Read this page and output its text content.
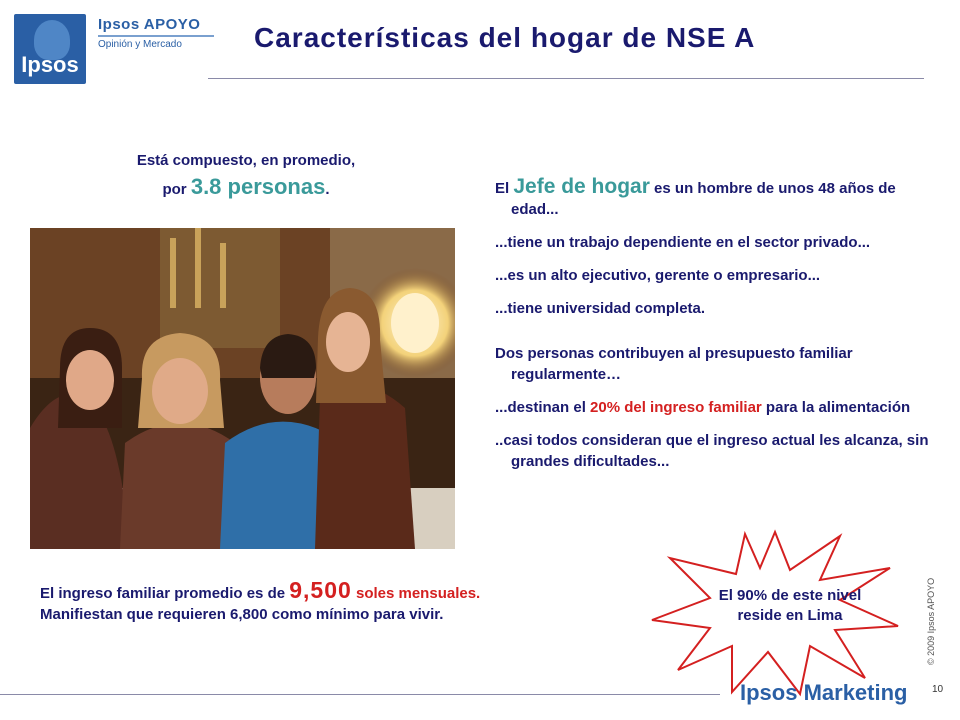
Ipsos
Ipsos APOYO
Opinión y Mercado	Características del hogar de NSE A
Está compuesto, en promedio,
por 3.8 personas.	El Jefe de hogar es un hombre de unos 48 años de edad...
...tiene un trabajo dependiente en el sector privado...
...es un alto ejecutivo, gerente o empresario...
...tiene universidad completa.
Dos personas contribuyen al presupuesto familiar regularmente…
...destinan el 20% del ingreso familiar para la alimentación
..casi todos consideran que el ingreso actual les alcanza, sin grandes dificultades...
El ingreso familiar promedio es de 9,500 soles mensuales.
Manifiestan que requieren 6,800 como mínimo para vivir.
El 90% de este nivel reside en Lima
Ipsos Marketing
© 2009 Ipsos APOYO
10
